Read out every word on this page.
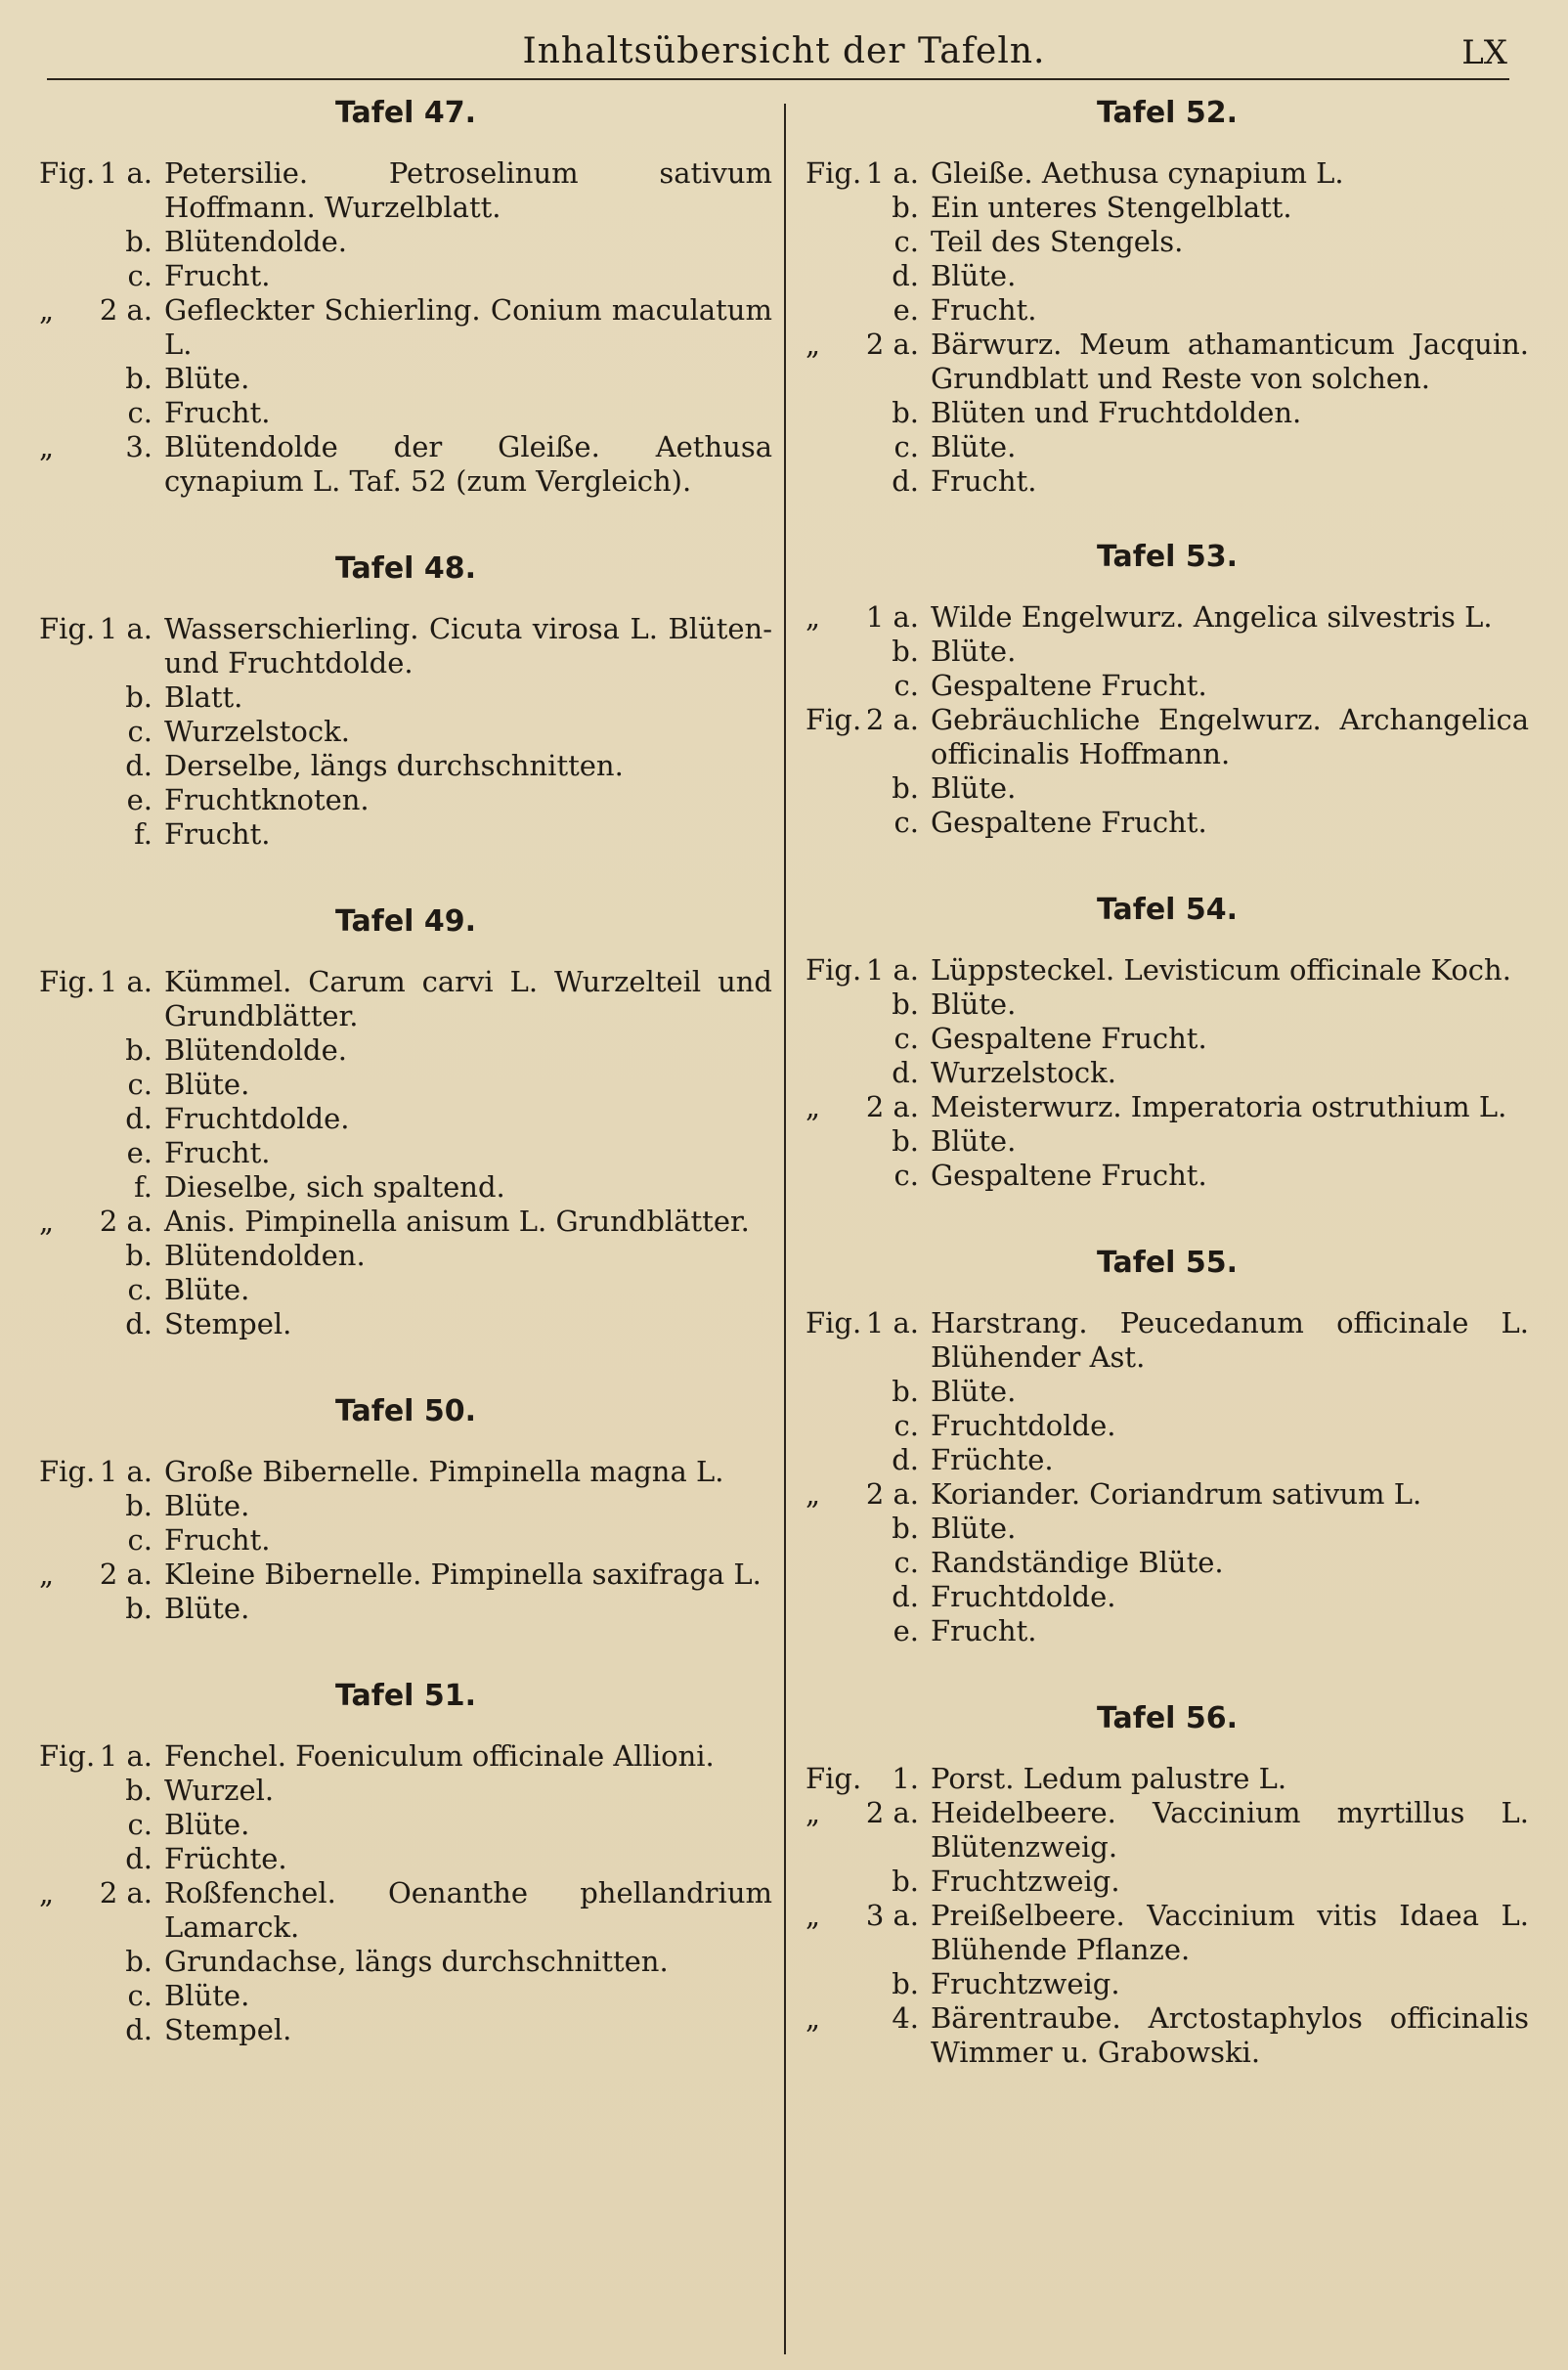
Inhaltsübersicht der Tafeln.	LX
Tafel 47.
Fig. 1 a. Petersilie. Petroselinum sativum Hoffmann. Wurzelblatt.
b. Blütendolde.
c. Frucht.
„	2 a. Gefleckter Schierling. Conium maculatum L.
b. Blüte.
c. Frucht.
„	3. Blütendolde der Gleiße. Aethusa cynapium L. Taf. 52 (zum Vergleich).
Tafel 48.
Fig. 1 a. Wasserschierling. Cicuta virosa L. Blüten- und Fruchtdolde.
b. Blatt.
c. Wurzelstock.
d. Derselbe, längs durchschnitten.
e. Fruchtknoten.
f. Frucht.
Tafel 49.
Fig. 1 a. Kümmel. Carum carvi L. Wurzelteil und Grundblätter.
b. Blütendolde.
c. Blüte.
d. Fruchtdolde.
e. Frucht.
f. Dieselbe, sich spaltend.
„	2 a. Anis. Pimpinella anisum L. Grundblätter.
b. Blütendolden.
c. Blüte.
d. Stempel.
Tafel 50.
Fig. 1 a. Große Bibernelle. Pimpinella magna L.
b. Blüte.
c. Frucht.
„	2 a. Kleine Bibernelle. Pimpinella saxifraga L.
b. Blüte.
Tafel 51.
Fig. 1 a. Fenchel. Foeniculum officinale Allioni.
b. Wurzel.
c. Blüte.
d. Früchte.
„	2 a. Roßfenchel. Oenanthe phellandrium Lamarck.
b. Grundachse, längs durchschnitten.
c. Blüte.
d. Stempel.
Tafel 52.
Fig. 1 a. Gleiße. Aethusa cynapium L.
b. Ein unteres Stengelblatt.
c. Teil des Stengels.
d. Blüte.
e. Frucht.
„	2 a. Bärwurz. Meum athamanticum Jacquin. Grundblatt und Reste von solchen.
b. Blüten und Fruchtdolden.
c. Blüte.
d. Frucht.
Tafel 53.
„	1 a. Wilde Engelwurz. Angelica silvestris L.
b. Blüte.
c. Gespaltene Frucht.
Fig. 2 a. Gebräuchliche Engelwurz. Archangelica officinalis Hoffmann.
b. Blüte.
c. Gespaltene Frucht.
Tafel 54.
Fig. 1 a. Lüppsteckel. Levisticum officinale Koch.
b. Blüte.
c. Gespaltene Frucht.
d. Wurzelstock.
„	2 a. Meisterwurz. Imperatoria ostruthium L.
b. Blüte.
c. Gespaltene Frucht.
Tafel 55.
Fig. 1 a. Harstrang. Peucedanum officinale L. Blühender Ast.
b. Blüte.
c. Fruchtdolde.
d. Früchte.
„	2 a. Koriander. Coriandrum sativum L.
b. Blüte.
c. Randständige Blüte.
d. Fruchtdolde.
e. Frucht.
Tafel 56.
Fig.	1. Porst. Ledum palustre L.
„	2 a. Heidelbeere. Vaccinium myrtillus L. Blütenzweig.
b. Fruchtzweig.
„	3 a. Preißelbeere. Vaccinium vitis Idaea L. Blühende Pflanze.
b. Fruchtzweig.
„	4. Bärentraube. Arctostaphylos officinalis Wimmer u. Grabowski.
